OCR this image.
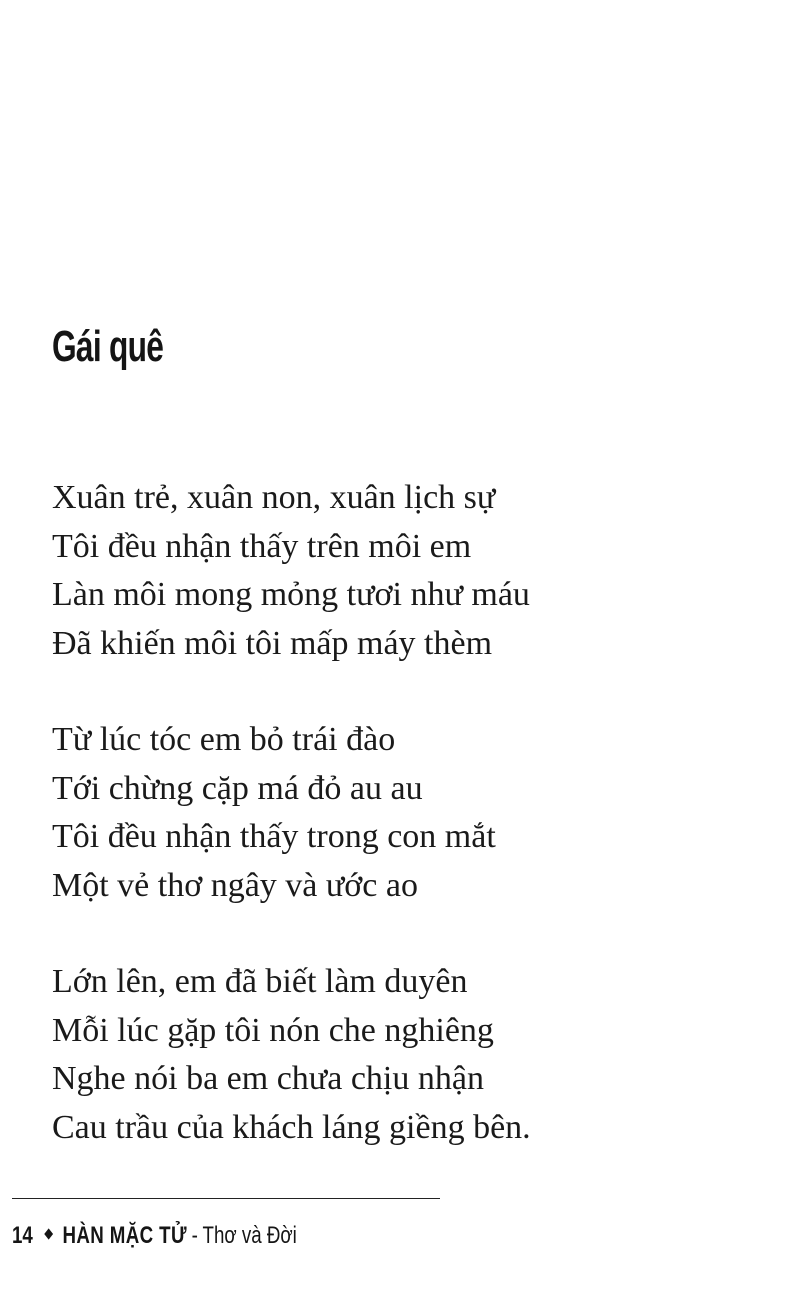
Gái quê
Xuân trẻ, xuân non, xuân lịch sự
Tôi đều nhận thấy trên môi em
Làn môi mong mỏng tươi như máu
Đã khiến môi tôi mấp máy thèm
Từ lúc tóc em bỏ trái đào
Tới chừng cặp má đỏ au au
Tôi đều nhận thấy trong con mắt
Một vẻ thơ ngây và ước ao
Lớn lên, em đã biết làm duyên
Mỗi lúc gặp tôi nón che nghiêng
Nghe nói ba em chưa chịu nhận
Cau trầu của khách láng giềng bên.
14 HÀN MẶC TỬ - Thơ và Đời
